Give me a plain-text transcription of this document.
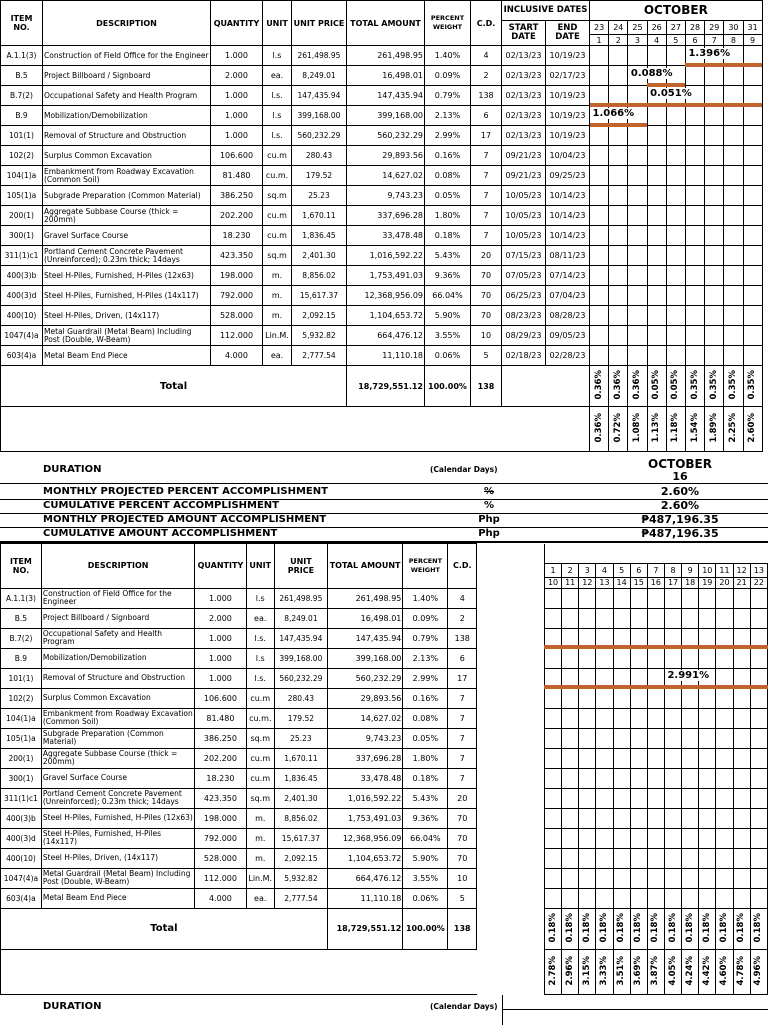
ITEM NO.	DESCRIPTION	QUANTITY	UNIT	UNIT PRICE	TOTAL AMOUNT	PERCENT WEIGHT	C.D.	INCLUSIVE DATES		OCTOBER								
								START DATE	END DATE	23	24	25	26	27	28	29	30	31
										1	2	3	4	5	6	7	8	9
A.1.1(3)	Construction of Field Office for the Engineer	1.000	l.s	261,498.95	261,498.95	1.40%	4	02/13/23	10/19/23									
B.5	Project Billboard / Signboard	2.000	ea.	8,249.01	16,498.01	0.09%	2	02/13/23	02/17/23									
B.7(2)	Occupational Safety and Health Program	1.000	l.s.	147,435.94	147,435.94	0.79%	138	02/13/23	10/19/23									
B.9	Mobilization/Demobilization	1.000	l.s	399,168.00	399,168.00	2.13%	6	02/13/23	10/19/23									
101(1)	Removal of Structure and Obstruction	1.000	l.s.	560,232.29	560,232.29	2.99%	17	02/13/23	10/19/23									
102(2)	Surplus Common Excavation	106.600	cu.m	280.43	29,893.56	0.16%	7	09/21/23	10/04/23									
104(1)a	Embankment from Roadway Excavation (Common Soil)	81.480	cu.m.	179.52	14,627.02	0.08%	7	09/21/23	09/25/23									
105(1)a	Subgrade Preparation (Common Material)	386.250	sq.m	25.23	9,743.23	0.05%	7	10/05/23	10/14/23									
200(1)	Aggregate Subbase Course (thick = 200mm)	202.200	cu.m	1,670.11	337,696.28	1.80%	7	10/05/23	10/14/23									
300(1)	Gravel Surface Course	18.230	cu.m	1,836.45	33,478.48	0.18%	7	10/05/23	10/14/23									
311(1)c1	Portland Cement Concrete Pavement (Unreinforced); 0.23m thick; 14days	423.350	sq.m	2,401.30	1,016,592.22	5.43%	20	07/15/23	08/11/23									
400(3)b	Steel H-Piles, Furnished, H-Piles (12x63)	198.000	m.	8,856.02	1,753,491.03	9.36%	70	07/05/23	07/14/23									
400(3)d	Steel H-Piles, Furnished, H-Piles (14x117)	792.000	m.	15,617.37	12,368,956.09	66.04%	70	06/25/23	07/04/23									
400(10)	Steel H-Piles, Driven, (14x117)	528.000	m.	2,092.15	1,104,653.72	5.90%	70	08/23/23	08/28/23									
1047(4)a	Metal Guardrail (Metal Beam) Including Post (Double, W-Beam)	112.000	Lin.M.	5,932.82	664,476.12	3.55%	10	08/29/23	09/05/23									
603(4)a	Metal Beam End Piece	4.000	ea.	2,777.54	11,110.18	0.06%	5	02/18/23	02/28/23									
Total					18,729,551.12	100.00%	138			0.36%	0.36%	0.36%	0.05%	0.05%	0.35%	0.35%	0.35%	0.35%
										0.36%	0.72%	1.08%	1.13%	1.18%	1.54%	1.89%	2.25%	2.60%
1.396%
0.088%
0.051%
1.066%
DURATION	(Calendar Days)	OCTOBER
16
MONTHLY PROJECTED PERCENT ACCOMPLISHMENT	%	2.60%
CUMULATIVE PERCENT ACCOMPLISHMENT	%	2.60%
MONTHLY PROJECTED AMOUNT ACCOMPLISHMENT	Php	₱487,196.35
CUMULATIVE AMOUNT ACCOMPLISHMENT	Php	₱487,196.35
ITEM NO.	DESCRIPTION	QUANTITY	UNIT	UNIT PRICE	TOTAL AMOUNT	PERCENT WEIGHT	C.D.														
									1	2	3	4	5	6	7	8	9	10	11	12	13
									10	11	12	13	14	15	16	17	18	19	20	21	22
A.1.1(3)	Construction of Field Office for the Engineer	1.000	l.s	261,498.95	261,498.95	1.40%	4														
B.5	Project Billboard / Signboard	2.000	ea.	8,249.01	16,498.01	0.09%	2														
B.7(2)	Occupational Safety and Health Program	1.000	l.s.	147,435.94	147,435.94	0.79%	138														
B.9	Mobilization/Demobilization	1.000	l.s	399,168.00	399,168.00	2.13%	6														
101(1)	Removal of Structure and Obstruction	1.000	l.s.	560,232.29	560,232.29	2.99%	17														
102(2)	Surplus Common Excavation	106.600	cu.m	280.43	29,893.56	0.16%	7														
104(1)a	Embankment from Roadway Excavation (Common Soil)	81.480	cu.m.	179.52	14,627.02	0.08%	7														
105(1)a	Subgrade Preparation (Common Material)	386.250	sq.m	25.23	9,743.23	0.05%	7														
200(1)	Aggregate Subbase Course (thick = 200mm)	202.200	cu.m	1,670.11	337,696.28	1.80%	7														
300(1)	Gravel Surface Course	18.230	cu.m	1,836.45	33,478.48	0.18%	7														
311(1)c1	Portland Cement Concrete Pavement (Unreinforced); 0.23m thick; 14days	423.350	sq.m	2,401.30	1,016,592.22	5.43%	20														
400(3)b	Steel H-Piles, Furnished, H-Piles (12x63)	198.000	m.	8,856.02	1,753,491.03	9.36%	70														
400(3)d	Steel H-Piles, Furnished, H-Piles (14x117)	792.000	m.	15,617.37	12,368,956.09	66.04%	70														
400(10)	Steel H-Piles, Driven, (14x117)	528.000	m.	2,092.15	1,104,653.72	5.90%	70														
1047(4)a	Metal Guardrail (Metal Beam) Including Post (Double, W-Beam)	112.000	Lin.M.	5,932.82	664,476.12	3.55%	10														
603(4)a	Metal Beam End Piece	4.000	ea.	2,777.54	11,110.18	0.06%	5														
Total					18,729,551.12	100.00%	138		0.18%	0.18%	0.18%	0.18%	0.18%	0.18%	0.18%	0.18%	0.18%	0.18%	0.18%	0.18%	0.18%
									2.78%	2.96%	3.15%	3.33%	3.51%	3.69%	3.87%	4.05%	4.24%	4.42%	4.60%	4.78%	4.96%
2.991%
DURATION	(Calendar Days)
